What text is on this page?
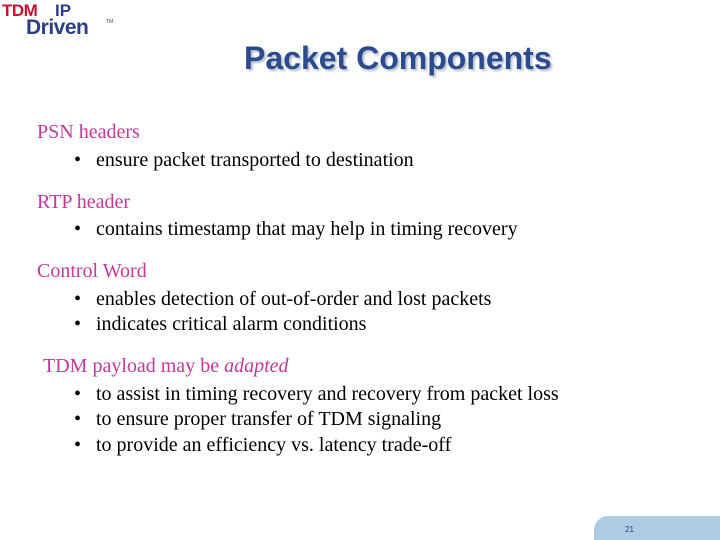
TDM IP
Driven	TM
Packet Components
PSN headers
• ensure packet transported to destination
RTP header
• contains timestamp that may help in timing recovery
Control Word
• enables detection of out-of-order and lost packets
• indicates critical alarm conditions
TDM payload may be adapted
• to assist in timing recovery and recovery from packet loss
• to ensure proper transfer of TDM signaling
• to provide an efficiency vs. latency trade-off
21
